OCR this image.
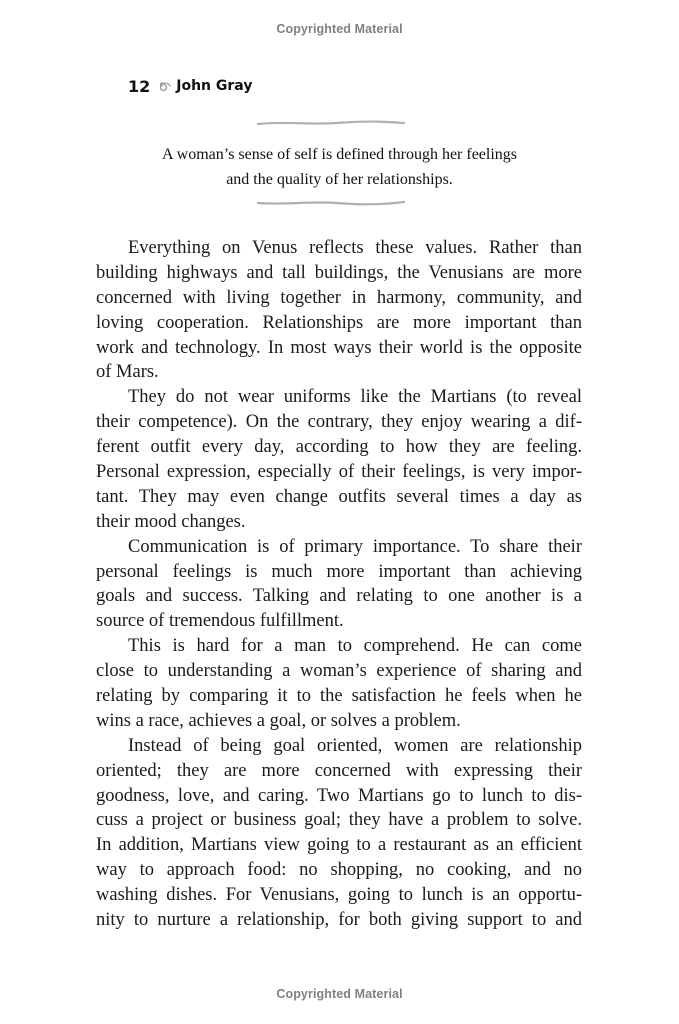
Copyrighted Material
12 John Gray
A woman’s sense of self is defined through her feelings
and the quality of her relationships.
Everything on Venus reflects these values. Rather than
building highways and tall buildings, the Venusians are more
concerned with living together in harmony, community, and
loving cooperation. Relationships are more important than
work and technology. In most ways their world is the opposite
of Mars.
They do not wear uniforms like the Martians (to reveal
their competence). On the contrary, they enjoy wearing a dif-
ferent outfit every day, according to how they are feeling.
Personal expression, especially of their feelings, is very impor-
tant. They may even change outfits several times a day as
their mood changes.
Communication is of primary importance. To share their
personal feelings is much more important than achieving
goals and success. Talking and relating to one another is a
source of tremendous fulfillment.
This is hard for a man to comprehend. He can come
close to understanding a woman’s experience of sharing and
relating by comparing it to the satisfaction he feels when he
wins a race, achieves a goal, or solves a problem.
Instead of being goal oriented, women are relationship
oriented; they are more concerned with expressing their
goodness, love, and caring. Two Martians go to lunch to dis-
cuss a project or business goal; they have a problem to solve.
In addition, Martians view going to a restaurant as an efficient
way to approach food: no shopping, no cooking, and no
washing dishes. For Venusians, going to lunch is an opportu-
nity to nurture a relationship, for both giving support to and
Copyrighted Material
